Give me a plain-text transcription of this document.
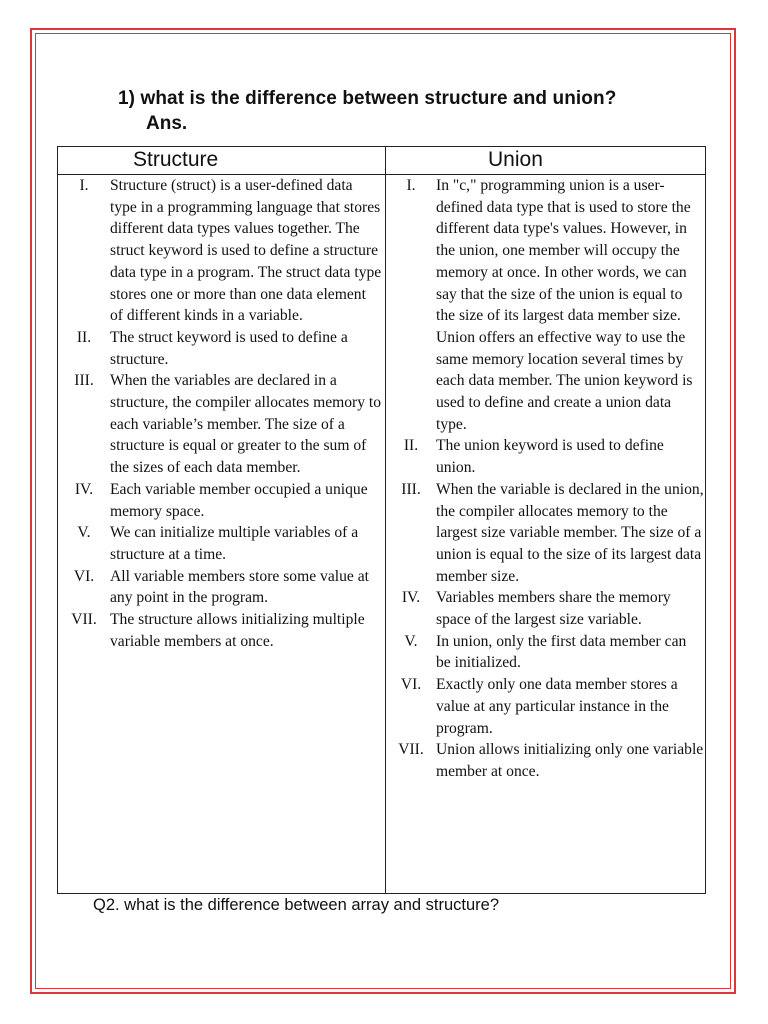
1) what is the difference between structure and union?
Ans.
Structure	Union
I.	Structure (struct) is a user-defined data type in a programming language that stores different data types values together. The struct keyword is used to define a structure data type in a program. The struct data type stores one or more than one data element of different kinds in a variable.
II.	The struct keyword is used to define a structure.
III.	When the variables are declared in a structure, the compiler allocates memory to each variable’s member. The size of a structure is equal or greater to the sum of the sizes of each data member.
IV.	Each variable member occupied a unique memory space.
V.	We can initialize multiple variables of a structure at a time.
VI.	All variable members store some value at any point in the program.
VII. The structure allows initializing multiple variable members at once.
I.	In "c," programming union is a user-defined data type that is used to store the different data type's values. However, in the union, one member will occupy the memory at once. In other words, we can say that the size of the union is equal to the size of its largest data member size. Union offers an effective way to use the same memory location several times by each data member. The union keyword is used to define and create a union data type.
II.	The union keyword is used to define union.
III. When the variable is declared in the union, the compiler allocates memory to the largest size variable member. The size of a union is equal to the size of its largest data member size.
IV.	Variables members share the memory space of the largest size variable.
V.	In union, only the first data member can be initialized.
VI. Exactly only one data member stores a value at any particular instance in the program.
VII. Union allows initializing only one variable member at once.
Q2. what is the difference between array and structure?
